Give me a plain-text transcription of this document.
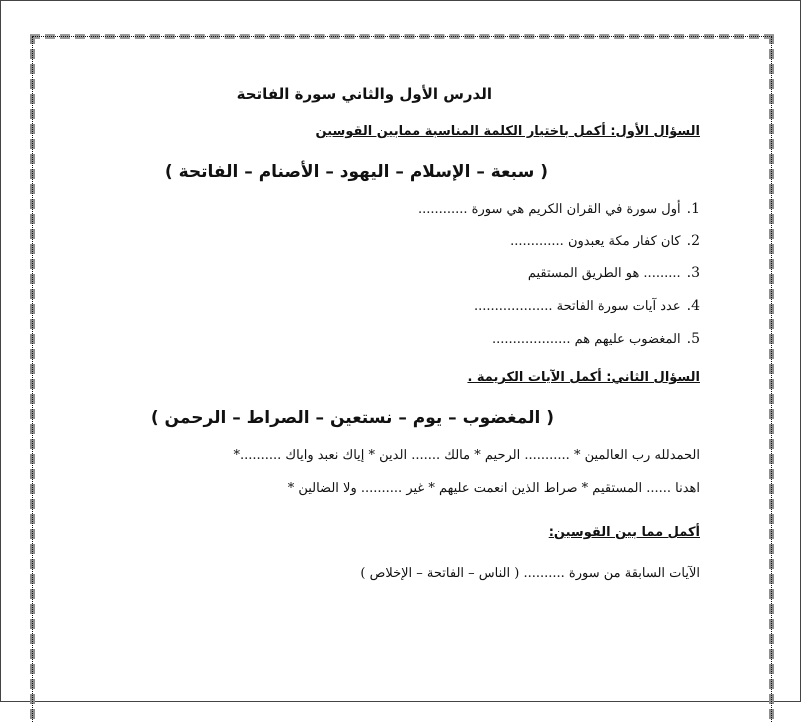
الدرس الأول والثاني سورة الفاتحة
السؤال الأول: أكمل باختيار الكلمة المناسبة ممابين القوسين
( سبعة – الإسلام – اليهود – الأصنام – الفاتحة )
1.أول سورة في القران الكريم هي سورة ............
2.كان كفار مكة يعبدون .............
3.......... هو الطريق المستقيم
4.عدد آيات سورة الفاتحة ...................
5.المغضوب عليهم هم ...................
السؤال الثاني: أكمل الآيات الكريمة .
( المغضوب – يوم – نستعين – الصراط – الرحمن )
الحمدلله رب العالمين * ........... الرحيم * مالك ....... الدين * إياك نعبد واياك ..........*
اهدنا ...... المستقيم * صراط الذين انعمت عليهم * غير .......... ولا الضالين *
أكمل مما بين القوسين:
الآيات السابقة من سورة .......... ( الناس – الفاتحة – الإخلاص )
